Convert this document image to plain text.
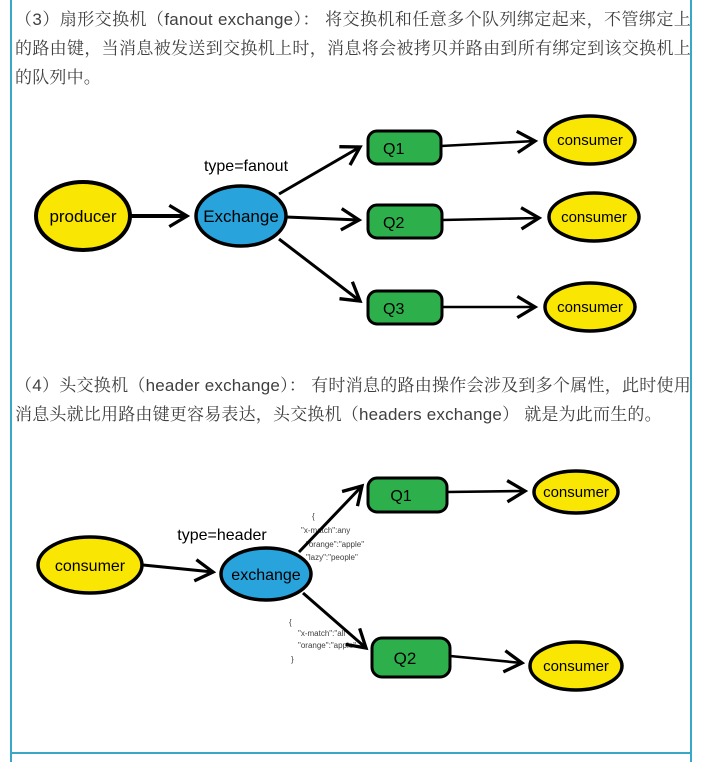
（3）扇形交换机（fanout exchange）： 将交换机和任意多个队列绑定起来，不管绑定上的路由键，当消息被发送到交换机上时，消息将会被拷贝并路由到所有绑定到该交换机上的队列中。
type=fanout
producer	Exchange
Q1
Q2
Q3
consumer
consumer
consumer
（4）头交换机（header exchange）： 有时消息的路由操作会涉及到多个属性，此时使用消息头就比用路由键更容易表达，头交换机（headers exchange） 就是为此而生的。
{
"x-match":any
"orange":"apple"
"lazy":"people"
{
"x-match":"all"
"orange":"apple"
}
type=header
consumer
exchange
Q1
Q2
consumer
consumer
